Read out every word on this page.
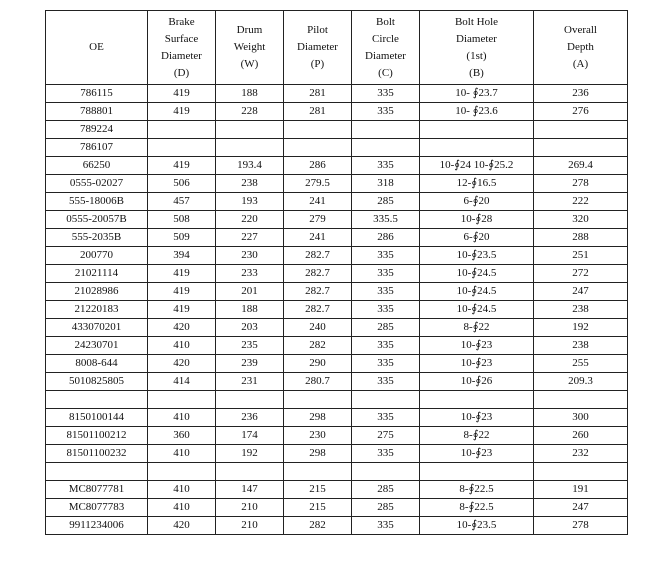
OE	Brake
Surface
Diameter
(D)	Drum
Weight
(W)	Pilot
Diameter
(P)	Bolt
Circle
Diameter
(C)	Bolt Hole
Diameter
(1st)
(B)	Overall
Depth
(A)

786115	419	188	281	335	10- ∮23.7	236
788801	419	228	281	335	10- ∮23.6	276
789224						
786107						
66250	419	193.4	286	335	10-∮24 10-∮25.2	269.4
0555-02027	506	238	279.5	318	12-∮16.5	278
555-18006B	457	193	241	285	6-∮20	222
0555-20057B	508	220	279	335.5	10-∮28	320
555-2035B	509	227	241	286	6-∮20	288
200770	394	230	282.7	335	10-∮23.5	251
21021114	419	233	282.7	335	10-∮24.5	272
21028986	419	201	282.7	335	10-∮24.5	247
21220183	419	188	282.7	335	10-∮24.5	238
433070201	420	203	240	285	8-∮22	192
24230701	410	235	282	335	10-∮23	238
8008-644	420	239	290	335	10-∮23	255
5010825805	414	231	280.7	335	10-∮26	209.3

8150100144	410	236	298	335	10-∮23	300
81501100212	360	174	230	275	8-∮22	260
81501100232	410	192	298	335	10-∮23	232

MC8077781	410	147	215	285	8-∮22.5	191
MC8077783	410	210	215	285	8-∮22.5	247
9911234006	420	210	282	335	10-∮23.5	278
